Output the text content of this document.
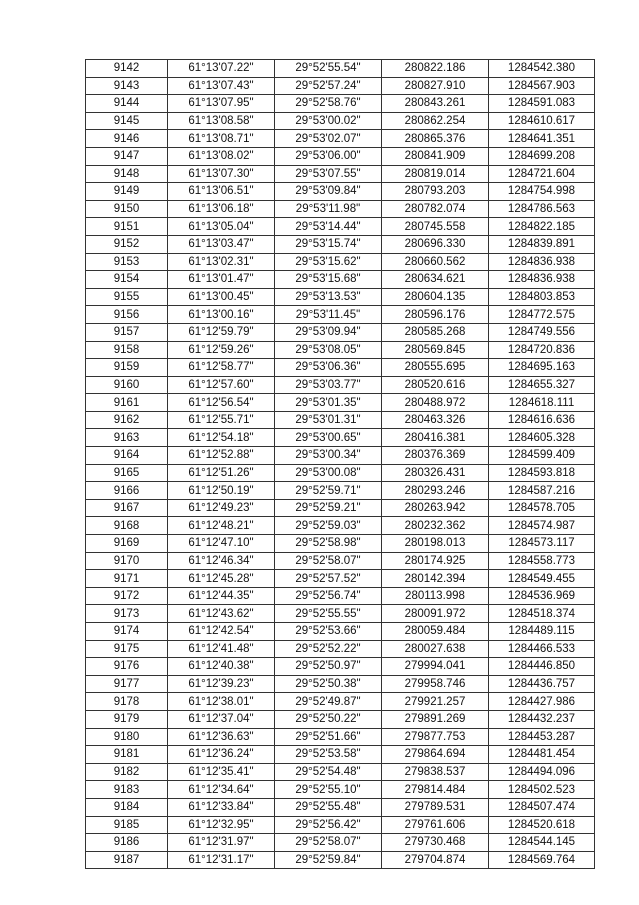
9142	61°13'07.22"	29°52'55.54"	280822.186	1284542.380
9143	61°13'07.43"	29°52'57.24"	280827.910	1284567.903
9144	61°13'07.95"	29°52'58.76"	280843.261	1284591.083
9145	61°13'08.58"	29°53'00.02"	280862.254	1284610.617
9146	61°13'08.71"	29°53'02.07"	280865.376	1284641.351
9147	61°13'08.02"	29°53'06.00"	280841.909	1284699.208
9148	61°13'07.30"	29°53'07.55"	280819.014	1284721.604
9149	61°13'06.51"	29°53'09.84"	280793.203	1284754.998
9150	61°13'06.18"	29°53'11.98"	280782.074	1284786.563
9151	61°13'05.04"	29°53'14.44"	280745.558	1284822.185
9152	61°13'03.47"	29°53'15.74"	280696.330	1284839.891
9153	61°13'02.31"	29°53'15.62"	280660.562	1284836.938
9154	61°13'01.47"	29°53'15.68"	280634.621	1284836.938
9155	61°13'00.45"	29°53'13.53"	280604.135	1284803.853
9156	61°13'00.16"	29°53'11.45"	280596.176	1284772.575
9157	61°12'59.79"	29°53'09.94"	280585.268	1284749.556
9158	61°12'59.26"	29°53'08.05"	280569.845	1284720.836
9159	61°12'58.77"	29°53'06.36"	280555.695	1284695.163
9160	61°12'57.60"	29°53'03.77"	280520.616	1284655.327
9161	61°12'56.54"	29°53'01.35"	280488.972	1284618.111
9162	61°12'55.71"	29°53'01.31"	280463.326	1284616.636
9163	61°12'54.18"	29°53'00.65"	280416.381	1284605.328
9164	61°12'52.88"	29°53'00.34"	280376.369	1284599.409
9165	61°12'51.26"	29°53'00.08"	280326.431	1284593.818
9166	61°12'50.19"	29°52'59.71"	280293.246	1284587.216
9167	61°12'49.23"	29°52'59.21"	280263.942	1284578.705
9168	61°12'48.21"	29°52'59.03"	280232.362	1284574.987
9169	61°12'47.10"	29°52'58.98"	280198.013	1284573.117
9170	61°12'46.34"	29°52'58.07"	280174.925	1284558.773
9171	61°12'45.28"	29°52'57.52"	280142.394	1284549.455
9172	61°12'44.35"	29°52'56.74"	280113.998	1284536.969
9173	61°12'43.62"	29°52'55.55"	280091.972	1284518.374
9174	61°12'42.54"	29°52'53.66"	280059.484	1284489.115
9175	61°12'41.48"	29°52'52.22"	280027.638	1284466.533
9176	61°12'40.38"	29°52'50.97"	279994.041	1284446.850
9177	61°12'39.23"	29°52'50.38"	279958.746	1284436.757
9178	61°12'38.01"	29°52'49.87"	279921.257	1284427.986
9179	61°12'37.04"	29°52'50.22"	279891.269	1284432.237
9180	61°12'36.63"	29°52'51.66"	279877.753	1284453.287
9181	61°12'36.24"	29°52'53.58"	279864.694	1284481.454
9182	61°12'35.41"	29°52'54.48"	279838.537	1284494.096
9183	61°12'34.64"	29°52'55.10"	279814.484	1284502.523
9184	61°12'33.84"	29°52'55.48"	279789.531	1284507.474
9185	61°12'32.95"	29°52'56.42"	279761.606	1284520.618
9186	61°12'31.97"	29°52'58.07"	279730.468	1284544.145
9187	61°12'31.17"	29°52'59.84"	279704.874	1284569.764
